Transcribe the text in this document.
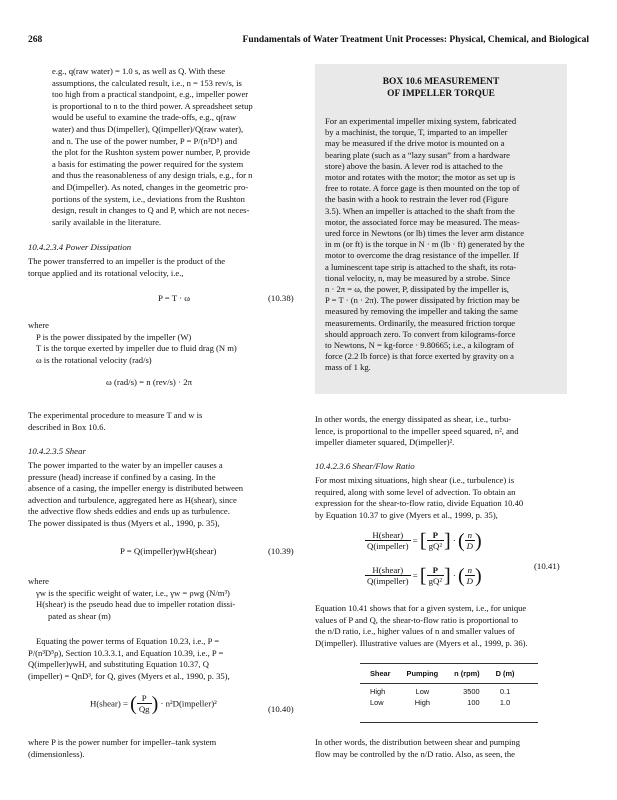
268	Fundamentals of Water Treatment Unit Processes: Physical, Chemical, and Biological

e.g., q(raw water) = 1.0 s, as well as Q. With these

assumptions, the calculated result, i.e., n = 153 rev/s, is

too high from a practical standpoint, e.g., impeller power

is proportional to n to the third power. A spreadsheet setup

would be useful to examine the trade-offs, e.g., q(raw

water) and thus D(impeller), Q(impeller)/Q(raw water),

and n. The use of the power number, P = P/(n³D⁵) and

the plot for the Rushton system power number, P, provide

a basis for estimating the power required for the system

and thus the reasonableness of any design trials, e.g., for n

and D(impeller). As noted, changes in the geometric pro-

portions of the system, i.e., deviations from the Rushton

design, result in changes to Q and P, which are not neces-

sarily available in the literature.

10.4.2.3.4 Power Dissipation

The power transferred to an impeller is the product of the

torque applied and its rotational velocity, i.e.,

P = T · ω	(10.38)

where

P is the power dissipated by the impeller (W)

T is the torque exerted by impeller due to fluid drag (N m)

ω is the rotational velocity (rad/s)

ω (rad/s) = n (rev/s) · 2π

The experimental procedure to measure T and w is

described in Box 10.6.

10.4.2.3.5 Shear

The power imparted to the water by an impeller causes a

pressure (head) increase if confined by a casing. In the

absence of a casing, the impeller energy is distributed between

advection and turbulence, aggregated here as H(shear), since

the advective flow sheds eddies and ends up as turbulence.

The power dissipated is thus (Myers et al., 1990, p. 35),

P = Q(impeller)γwH(shear)	(10.39)

where

γw is the specific weight of water, i.e., γw = ρwg (N/m³)

H(shear) is the pseudo head due to impeller rotation dissi-

pated as shear (m)

Equating the power terms of Equation 10.23, i.e., P =

P/(n³D⁵ρ), Section 10.3.3.1, and Equation 10.39, i.e., P =

Q(impeller)γwH, and substituting Equation 10.37, Q

(impeller) = QnD³, for Q, gives (Myers et al., 1990, p. 35),

H(shear) = ( $\frac{P}{Qg}$ ) · n²D(impeller)²
(10.40)

where P is the power number for impeller–tank system

(dimensionless).

BOX 10.6 MEASUREMENT
OF IMPELLER TORQUE
For an experimental impeller mixing system, fabricated
by a machinist, the torque, T, imparted to an impeller
may be measured if the drive motor is mounted on a
bearing plate (such as a “lazy susan” from a hardware
store) above the basin. A lever rod is attached to the
motor and rotates with the motor; the motor as set up is
free to rotate. A force gage is then mounted on the top of
the basin with a hook to restrain the lever rod (Figure
3.5). When an impeller is attached to the shaft from the
motor, the associated force may be measured. The meas-
ured force in Newtons (or lb) times the lever arm distance
in m (or ft) is the torque in N · m (lb · ft) generated by the
motor to overcome the drag resistance of the impeller. If
a luminescent tape strip is attached to the shaft, its rota-
tional velocity, n, may be measured by a strobe. Since
n · 2π = ω, the power, P, dissipated by the impeller is,
P = T · (n · 2π). The power dissipated by friction may be
measured by removing the impeller and taking the same
measurements. Ordinarily, the measured friction torque
should approach zero. To convert from kilograms-force
to Newtons, N = kg-force · 9.80665; i.e., a kilogram of
force (2.2 lb force) is that force exerted by gravity on a
mass of 1 kg.

In other words, the energy dissipated as shear, i.e., turbu-

lence, is proportional to the impeller speed squared, n², and

impeller diameter squared, D(impeller)².

10.4.2.3.6 Shear/Flow Ratio

For most mixing situations, high shear (i.e., turbulence) is

required, along with some level of advection. To obtain an

expression for the shear-to-flow ratio, divide Equation 10.40

by Equation 10.37 to give (Myers et al., 1999, p. 35),

$\frac{\text{H(shear)}}{\text{Q(impeller)}}$ = [ $\frac{P}{\text{gQ²}}$ ] · ( $\frac{n}{D}$ )
$\frac{\text{H(shear)}}{\text{Q(impeller)}}$ = [ $\frac{P}{\text{gQ²}}$ ] · ( $\frac{n}{D}$ )	(10.41)

Equation 10.41 shows that for a given system, i.e., for unique

values of P and Q, the shear-to-flow ratio is proportional to

the n/D ratio, i.e., higher values of n and smaller values of

D(impeller). Illustrative values are (Myers et al., 1999, p. 36).

Shear	Pumping	n (rpm)	D (m)
High	Low	3500	0.1
Low	High	100	1.0

In other words, the distribution between shear and pumping

flow may be controlled by the n/D ratio. Also, as seen, the
